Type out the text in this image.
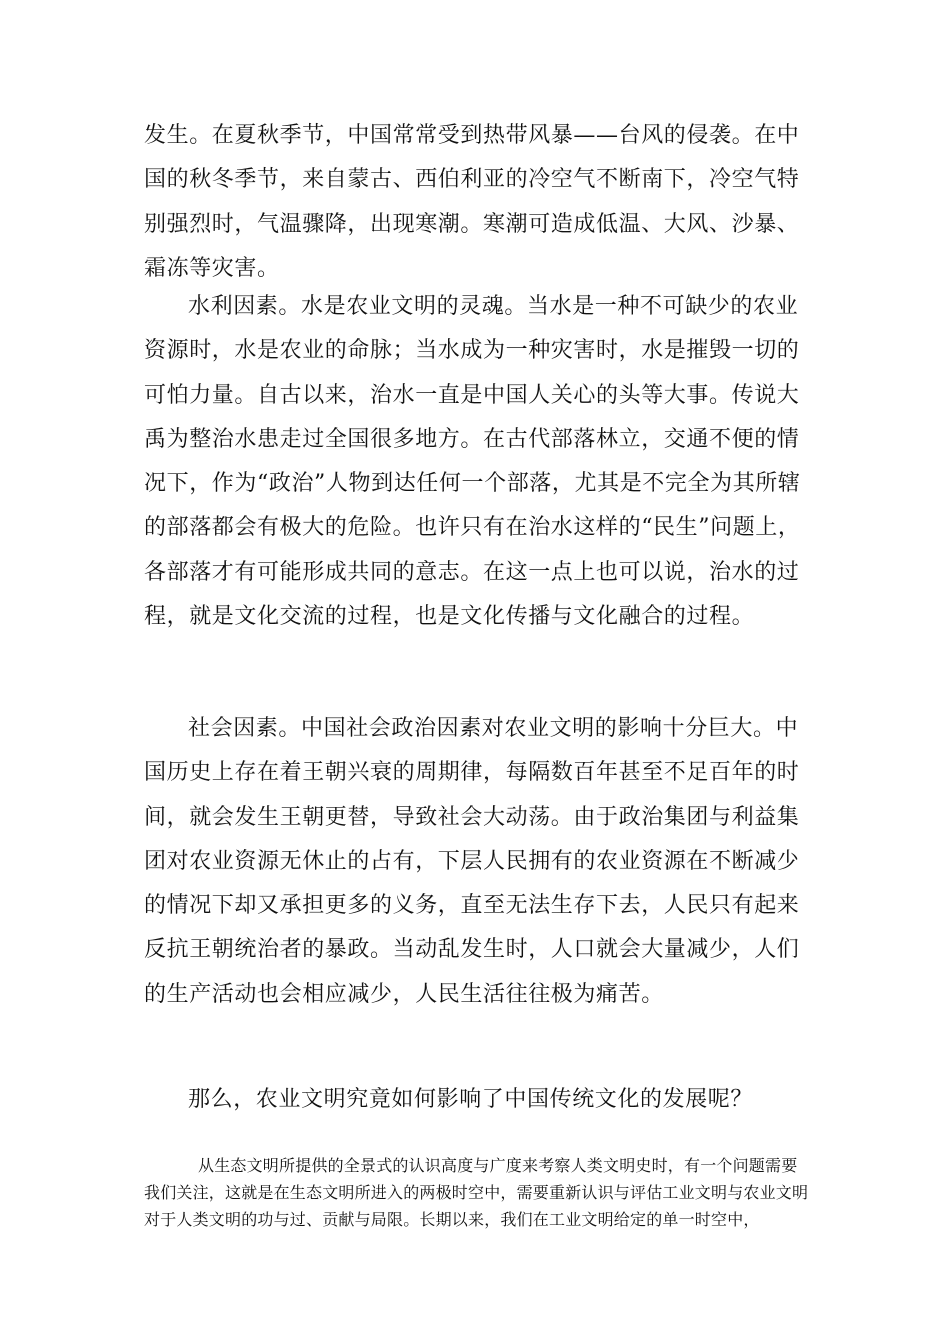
发生。在夏秋季节，中国常常受到热带风暴——台风的侵袭。在中国的秋冬季节，来自蒙古、西伯利亚的冷空气不断南下，冷空气特别强烈时，气温骤降，出现寒潮。寒潮可造成低温、大风、沙暴、霜冻等灾害。

水利因素。水是农业文明的灵魂。当水是一种不可缺少的农业资源时，水是农业的命脉；当水成为一种灾害时，水是摧毁一切的可怕力量。自古以来，治水一直是中国人关心的头等大事。传说大禹为整治水患走过全国很多地方。在古代部落林立，交通不便的情况下，作为“政治”人物到达任何一个部落，尤其是不完全为其所辖的部落都会有极大的危险。也许只有在治水这样的“民生”问题上，各部落才有可能形成共同的意志。在这一点上也可以说，治水的过程，就是文化交流的过程，也是文化传播与文化融合的过程。

社会因素。中国社会政治因素对农业文明的影响十分巨大。中国历史上存在着王朝兴衰的周期律，每隔数百年甚至不足百年的时间，就会发生王朝更替，导致社会大动荡。由于政治集团与利益集团对农业资源无休止的占有，下层人民拥有的农业资源在不断减少的情况下却又承担更多的义务，直至无法生存下去，人民只有起来反抗王朝统治者的暴政。当动乱发生时，人口就会大量减少，人们的生产活动也会相应减少，人民生活往往极为痛苦。

那么，农业文明究竟如何影响了中国传统文化的发展呢？

从生态文明所提供的全景式的认识高度与广度来考察人类文明史时，有一个问题需要我们关注，这就是在生态文明所进入的两极时空中，需要重新认识与评估工业文明与农业文明对于人类文明的功与过、贡献与局限。长期以来，我们在工业文明给定的单一时空中，
